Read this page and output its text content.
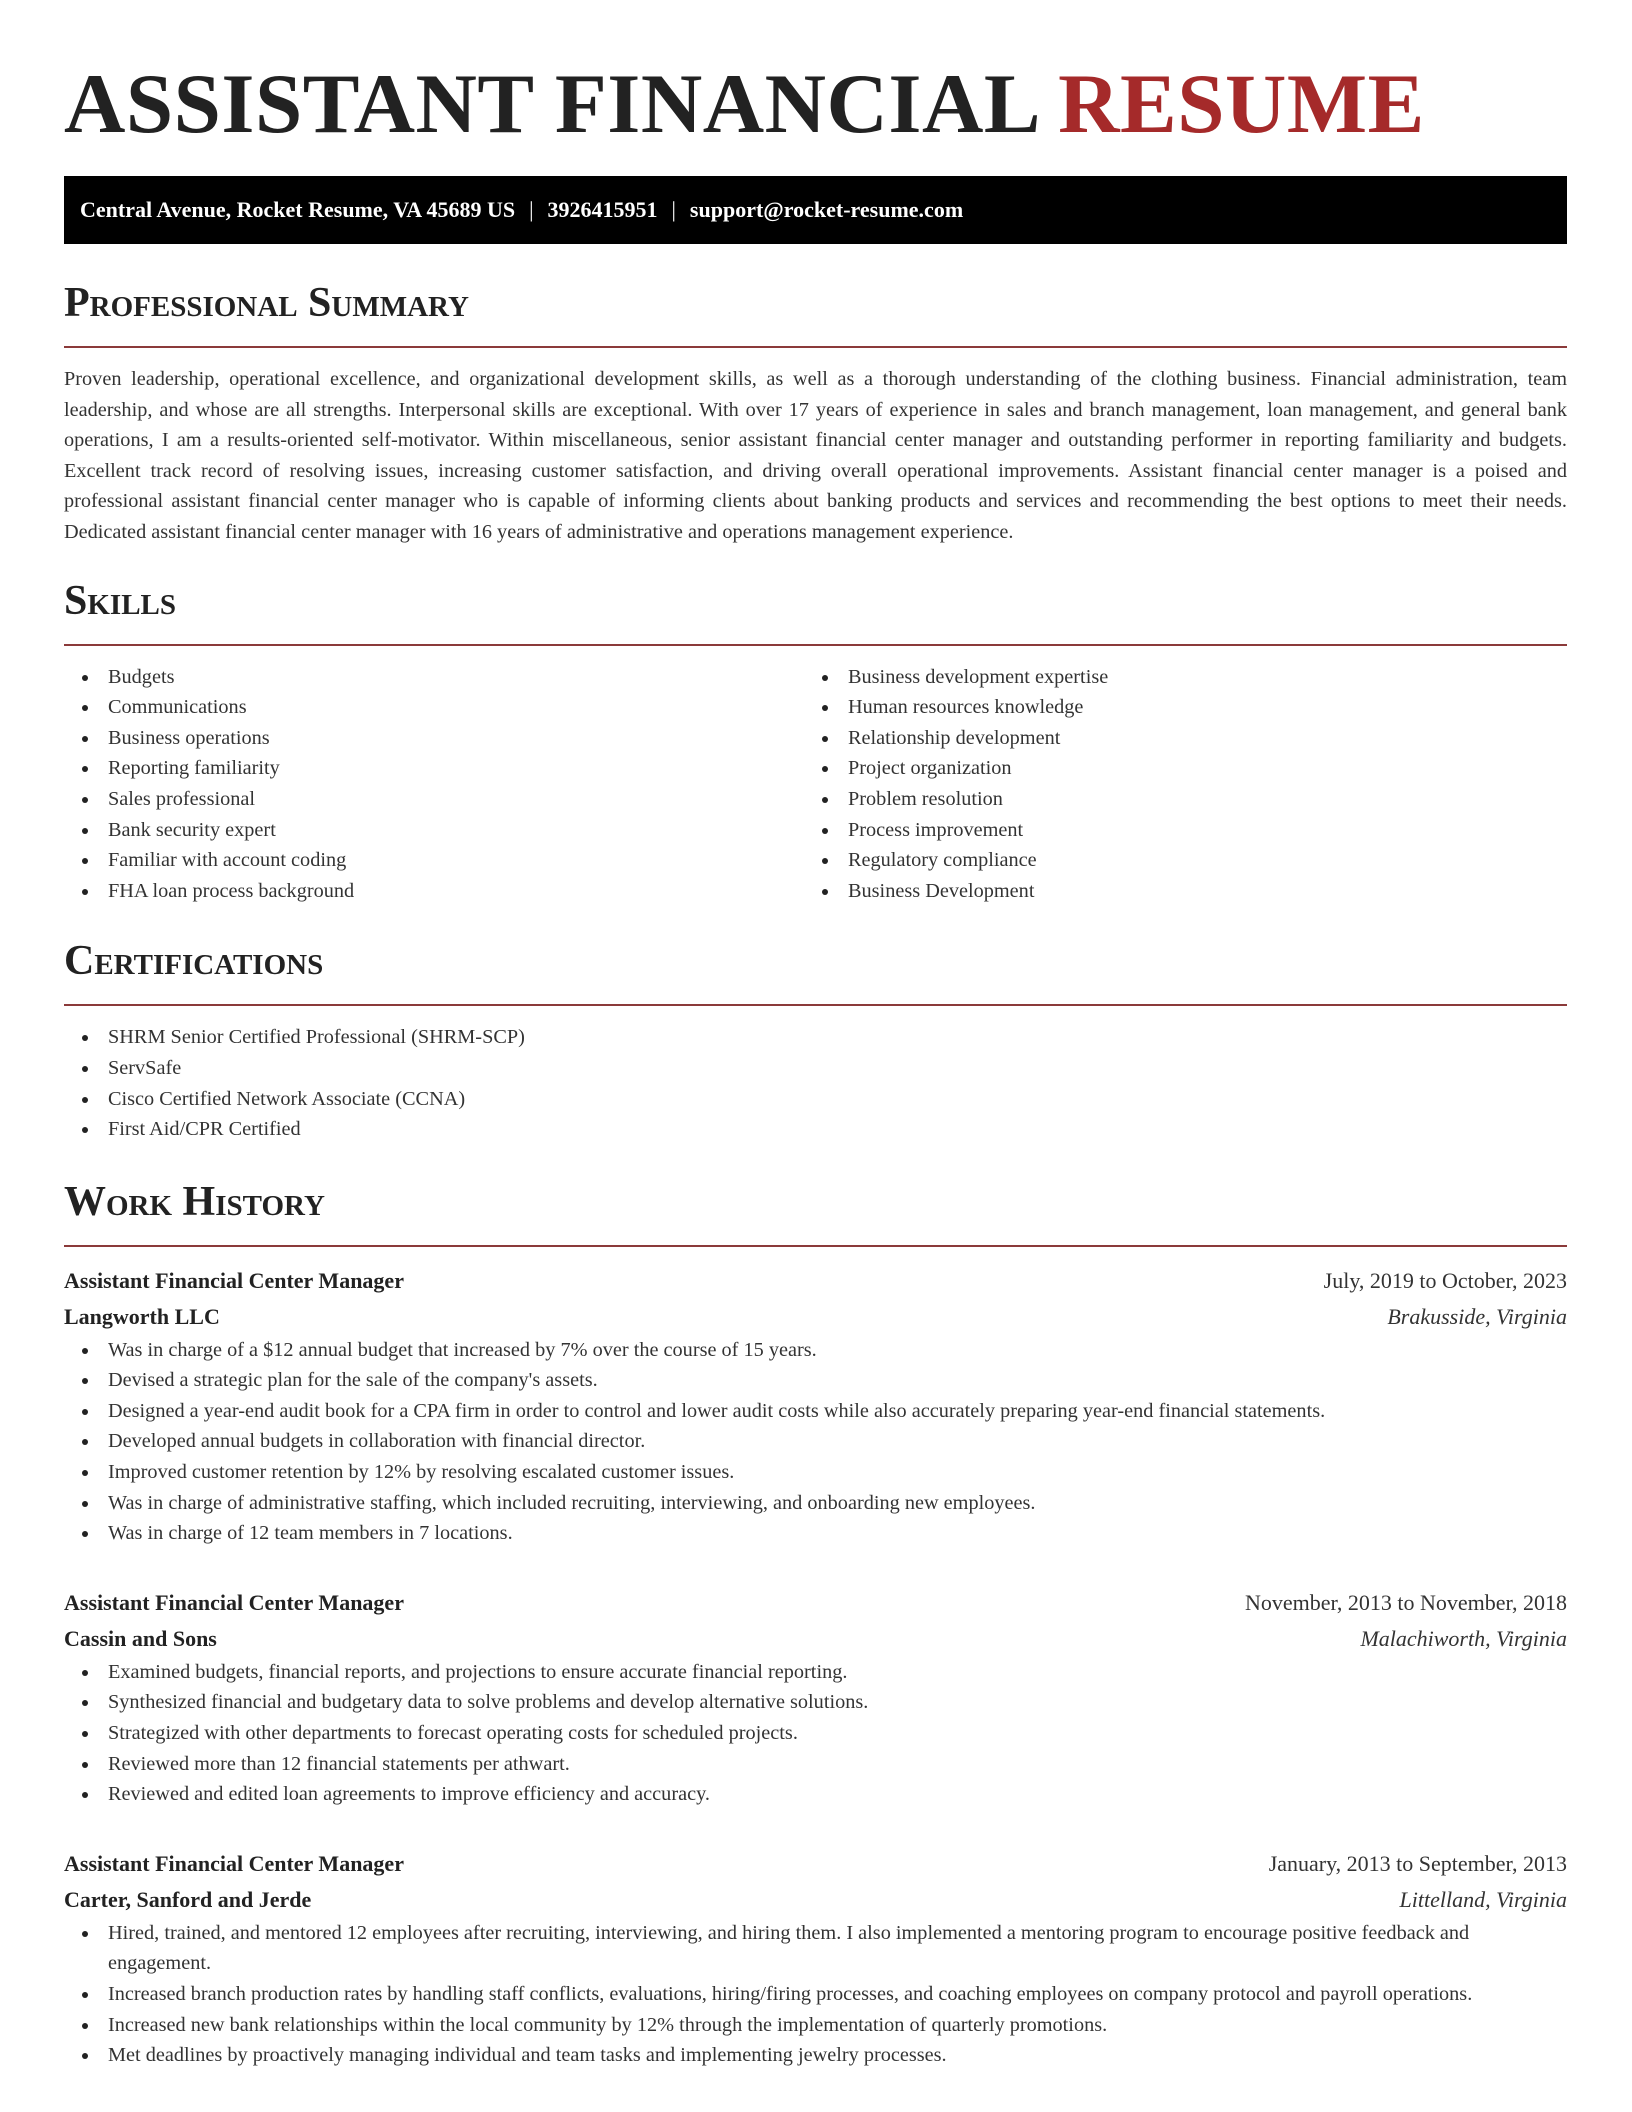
ASSISTANT FINANCIAL RESUME
Central Avenue, Rocket Resume, VA 45689 US | 3926415951 | support@rocket-resume.com
Professional Summary

Proven leadership, operational excellence, and organizational development skills, as well as a thorough understanding of the clothing business. Financial administration, team leadership, and whose are all strengths. Interpersonal skills are exceptional. With over 17 years of experience in sales and branch management, loan management, and general bank operations, I am a results-oriented self-motivator. Within miscellaneous, senior assistant financial center manager and outstanding performer in reporting familiarity and budgets. Excellent track record of resolving issues, increasing customer satisfaction, and driving overall operational improvements. Assistant financial center manager is a poised and professional assistant financial center manager who is capable of informing clients about banking products and services and recommending the best options to meet their needs. Dedicated assistant financial center manager with 16 years of administrative and operations management experience.

Skills
Budgets
Communications
Business operations
Reporting familiarity
Sales professional
Bank security expert
Familiar with account coding
FHA loan process background
Business development expertise
Human resources knowledge
Relationship development
Project organization
Problem resolution
Process improvement
Regulatory compliance
Business Development
Certifications
SHRM Senior Certified Professional (SHRM-SCP)
ServSafe
Cisco Certified Network Associate (CCNA)
First Aid/CPR Certified
Work History
Assistant Financial Center Manager	July, 2019 to October, 2023
Langworth LLC	Brakusside, Virginia
Was in charge of a $12 annual budget that increased by 7% over the course of 15 years.
Devised a strategic plan for the sale of the company's assets.
Designed a year-end audit book for a CPA firm in order to control and lower audit costs while also accurately preparing year-end financial statements.
Developed annual budgets in collaboration with financial director.
Improved customer retention by 12% by resolving escalated customer issues.
Was in charge of administrative staffing, which included recruiting, interviewing, and onboarding new employees.
Was in charge of 12 team members in 7 locations.
Assistant Financial Center Manager	November, 2013 to November, 2018
Cassin and Sons	Malachiworth, Virginia
Examined budgets, financial reports, and projections to ensure accurate financial reporting.
Synthesized financial and budgetary data to solve problems and develop alternative solutions.
Strategized with other departments to forecast operating costs for scheduled projects.
Reviewed more than 12 financial statements per athwart.
Reviewed and edited loan agreements to improve efficiency and accuracy.
Assistant Financial Center Manager	January, 2013 to September, 2013
Carter, Sanford and Jerde	Littelland, Virginia
Hired, trained, and mentored 12 employees after recruiting, interviewing, and hiring them. I also implemented a mentoring program to encourage positive feedback and engagement.
Increased branch production rates by handling staff conflicts, evaluations, hiring/firing processes, and coaching employees on company protocol and payroll operations.
Increased new bank relationships within the local community by 12% through the implementation of quarterly promotions.
Met deadlines by proactively managing individual and team tasks and implementing jewelry processes.
